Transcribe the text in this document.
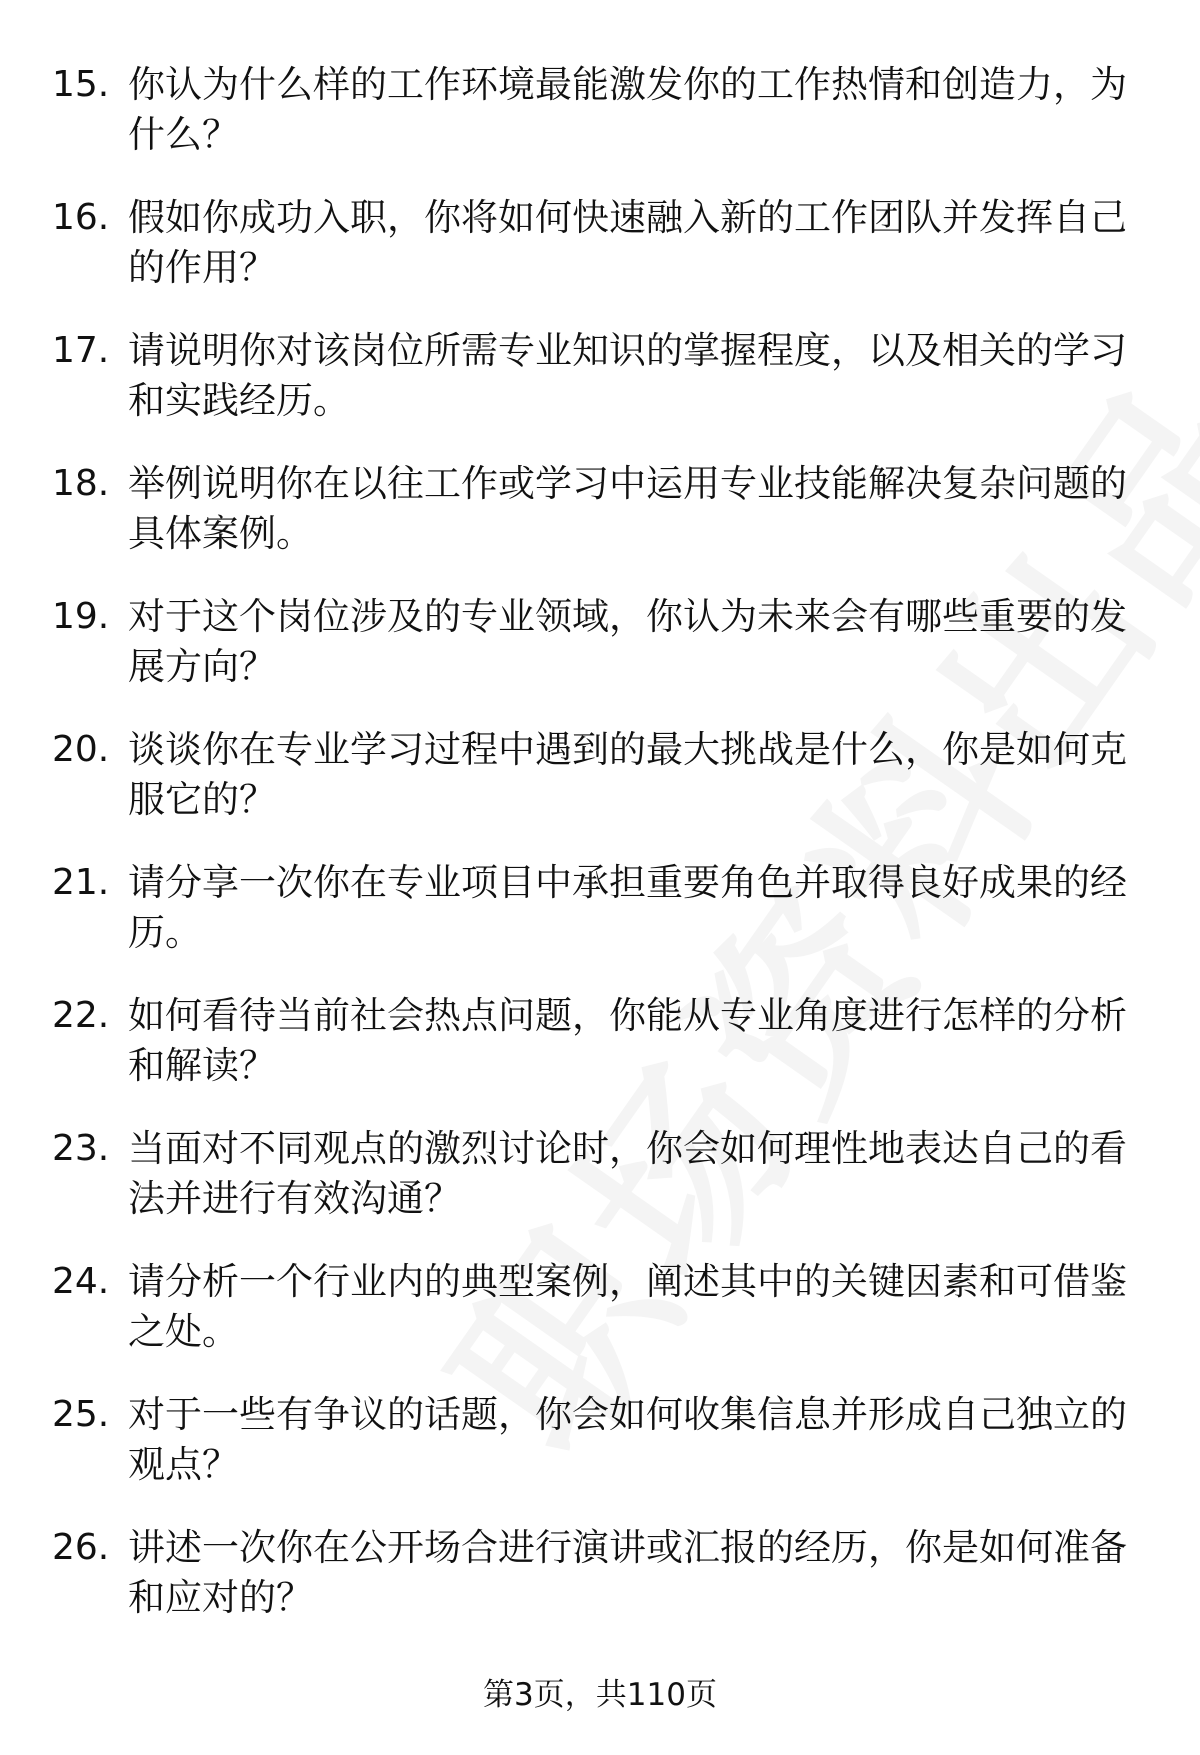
15. 你认为什么样的工作环境最能激发你的工作热情和创造力，为什么？
16. 假如你成功入职，你将如何快速融入新的工作团队并发挥自己的作用？
17. 请说明你对该岗位所需专业知识的掌握程度，以及相关的学习和实践经历。
18. 举例说明你在以往工作或学习中运用专业技能解决复杂问题的具体案例。
19. 对于这个岗位涉及的专业领域，你认为未来会有哪些重要的发展方向？
20. 谈谈你在专业学习过程中遇到的最大挑战是什么，你是如何克服它的？
21. 请分享一次你在专业项目中承担重要角色并取得良好成果的经历。
22. 如何看待当前社会热点问题，你能从专业角度进行怎样的分析和解读？
23. 当面对不同观点的激烈讨论时，你会如何理性地表达自己的看法并进行有效沟通？
24. 请分析一个行业内的典型案例，阐述其中的关键因素和可借鉴之处。
25. 对于一些有争议的话题，你会如何收集信息并形成自己独立的观点？
26. 讲述一次你在公开场合进行演讲或汇报的经历，你是如何准备和应对的？
第3页，共110页
